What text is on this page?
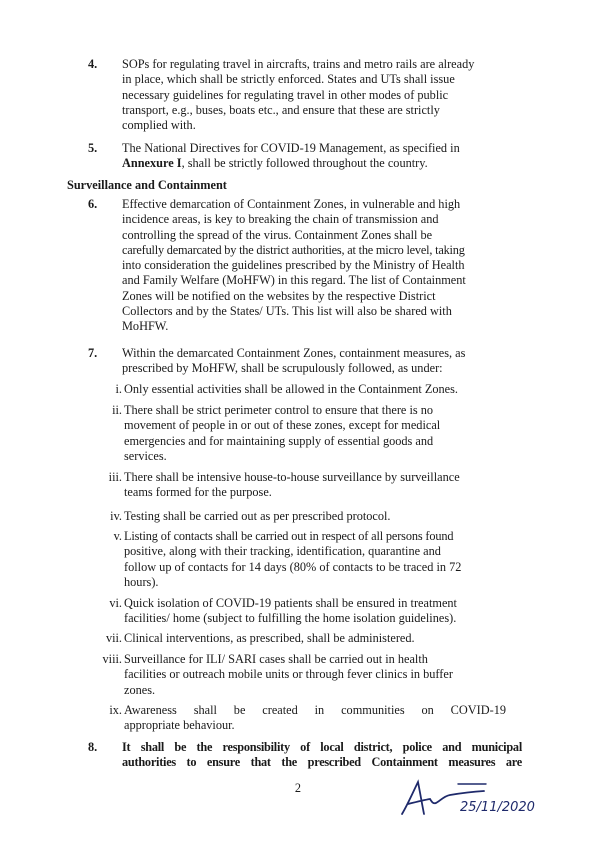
4.	SOPs for regulating travel in aircrafts, trains and metro rails are already
in place, which shall be strictly enforced. States and UTs shall issue
necessary guidelines for regulating travel in other modes of public
transport, e.g., buses, boats etc., and ensure that these are strictly
complied with.
5.	The National Directives for COVID-19 Management, as specified in
Annexure I, shall be strictly followed throughout the country.
Surveillance and Containment
6.	Effective demarcation of Containment Zones, in vulnerable and high
incidence areas, is key to breaking the chain of transmission and
controlling the spread of the virus. Containment Zones shall be
carefully demarcated by the district authorities, at the micro level, taking
into consideration the guidelines prescribed by the Ministry of Health
and Family Welfare (MoHFW) in this regard. The list of Containment
Zones will be notified on the websites by the respective District
Collectors and by the States/ UTs. This list will also be shared with
MoHFW.
7.	Within the demarcated Containment Zones, containment measures, as
prescribed by MoHFW, shall be scrupulously followed, as under:
i. Only essential activities shall be allowed in the Containment Zones.
ii. There shall be strict perimeter control to ensure that there is no
movement of people in or out of these zones, except for medical
emergencies and for maintaining supply of essential goods and
services.
iii. There shall be intensive house-to-house surveillance by surveillance
teams formed for the purpose.
iv. Testing shall be carried out as per prescribed protocol.
v. Listing of contacts shall be carried out in respect of all persons found
positive, along with their tracking, identification, quarantine and
follow up of contacts for 14 days (80% of contacts to be traced in 72
hours).
vi. Quick isolation of COVID-19 patients shall be ensured in treatment
facilities/ home (subject to fulfilling the home isolation guidelines).
vii. Clinical interventions, as prescribed, shall be administered.
viii. Surveillance for ILI/ SARI cases shall be carried out in health
facilities or outreach mobile units or through fever clinics in buffer
zones.
ix. Awareness shall be created in communities on COVID-19
appropriate behaviour.
8.	It shall be the responsibility of local district, police and municipal
authorities to ensure that the prescribed Containment measures are
2
25/11/2020
